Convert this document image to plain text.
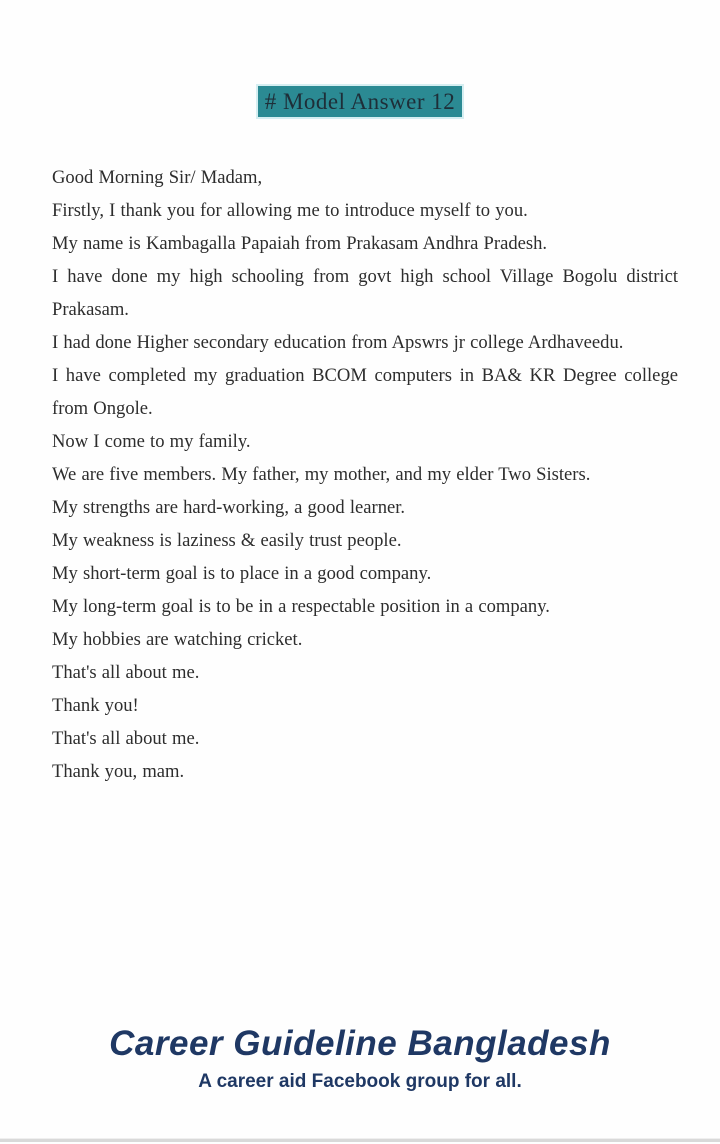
# Model Answer 12

Good Morning Sir/ Madam,

Firstly, I thank you for allowing me to introduce myself to you.

My name is Kambagalla Papaiah from Prakasam Andhra Pradesh.

I have done my high schooling from govt high school Village Bogolu district Prakasam.

I had done Higher secondary education from Apswrs jr college Ardhaveedu.

I have completed my graduation BCOM computers in BA& KR Degree college from Ongole.

Now I come to my family.

We are five members. My father, my mother, and my elder Two Sisters.

My strengths are hard-working, a good learner.

My weakness is laziness & easily trust people.

My short-term goal is to place in a good company.

My long-term goal is to be in a respectable position in a company.

My hobbies are watching cricket.

That's all about me.

Thank you!

That's all about me.

Thank you, mam.

Career Guideline Bangladesh
A career aid Facebook group for all.
